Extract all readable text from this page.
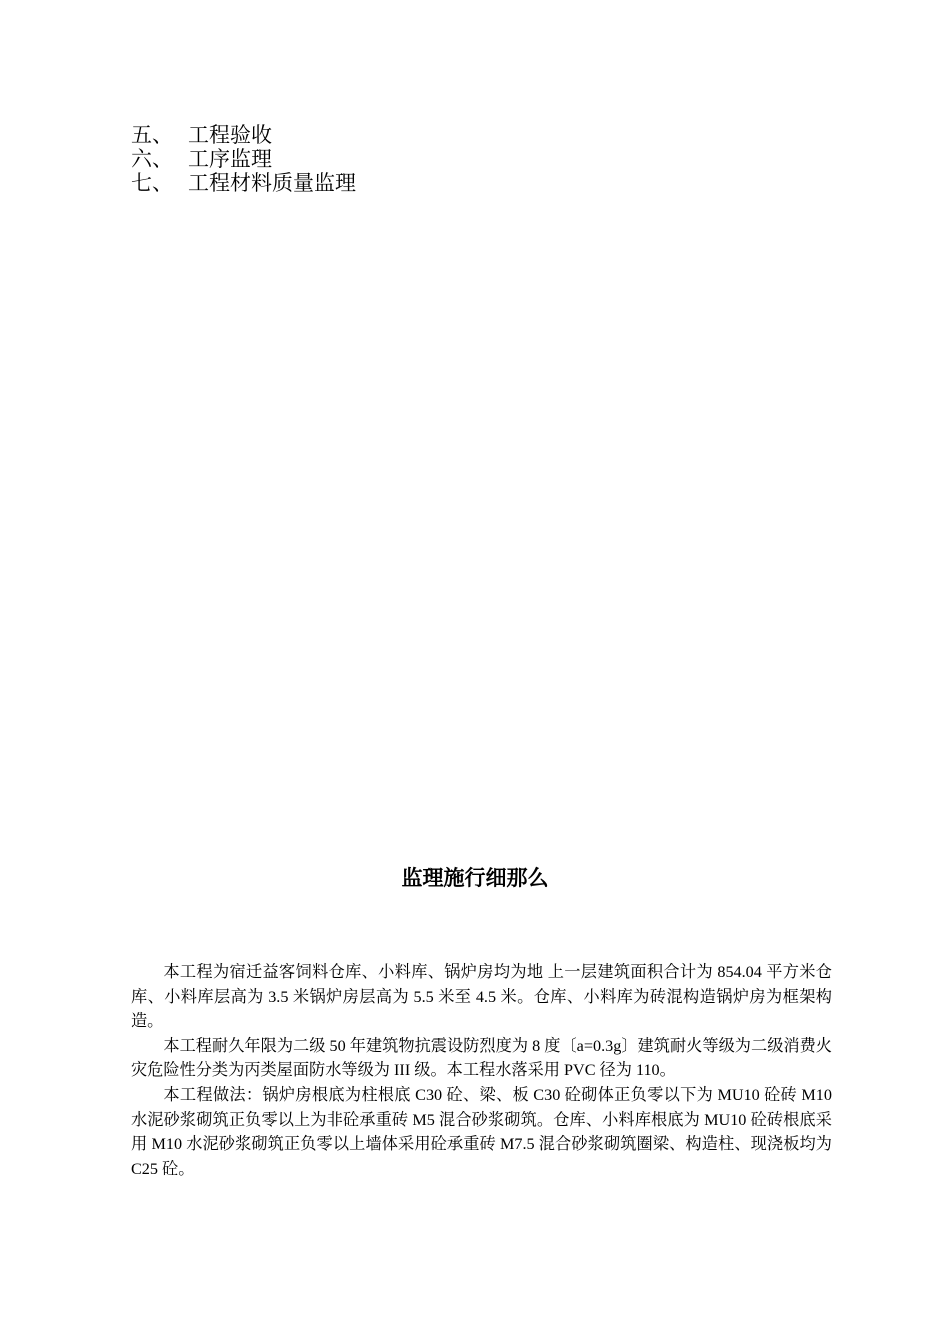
五、 工程验收
六、 工序监理
七、 工程材料质量监理
监理施行细那么

本工程为宿迁益客饲料仓库、小料库、锅炉房均为地 上一层建筑面积合计为 854.04 平方米仓库、小料库层高为 3.5 米锅炉房层高为 5.5 米至 4.5 米。仓库、小料库为砖混构造锅炉房为框架构造。

本工程耐久年限为二级 50 年建筑物抗震设防烈度为 8 度〔a=0.3g〕建筑耐火等级为二级消费火灾危险性分类为丙类屋面防水等级为 III 级。本工程水落采用 PVC 径为 110。

本工程做法：锅炉房根底为柱根底 C30 砼、梁、板 C30 砼砌体正负零以下为 MU10 砼砖 M10 水泥砂浆砌筑正负零以上为非砼承重砖 M5 混合砂浆砌筑。仓库、小料库根底为 MU10 砼砖根底采用 M10 水泥砂浆砌筑正负零以上墙体采用砼承重砖 M7.5 混合砂浆砌筑圈梁、构造柱、现浇板均为 C25 砼。
